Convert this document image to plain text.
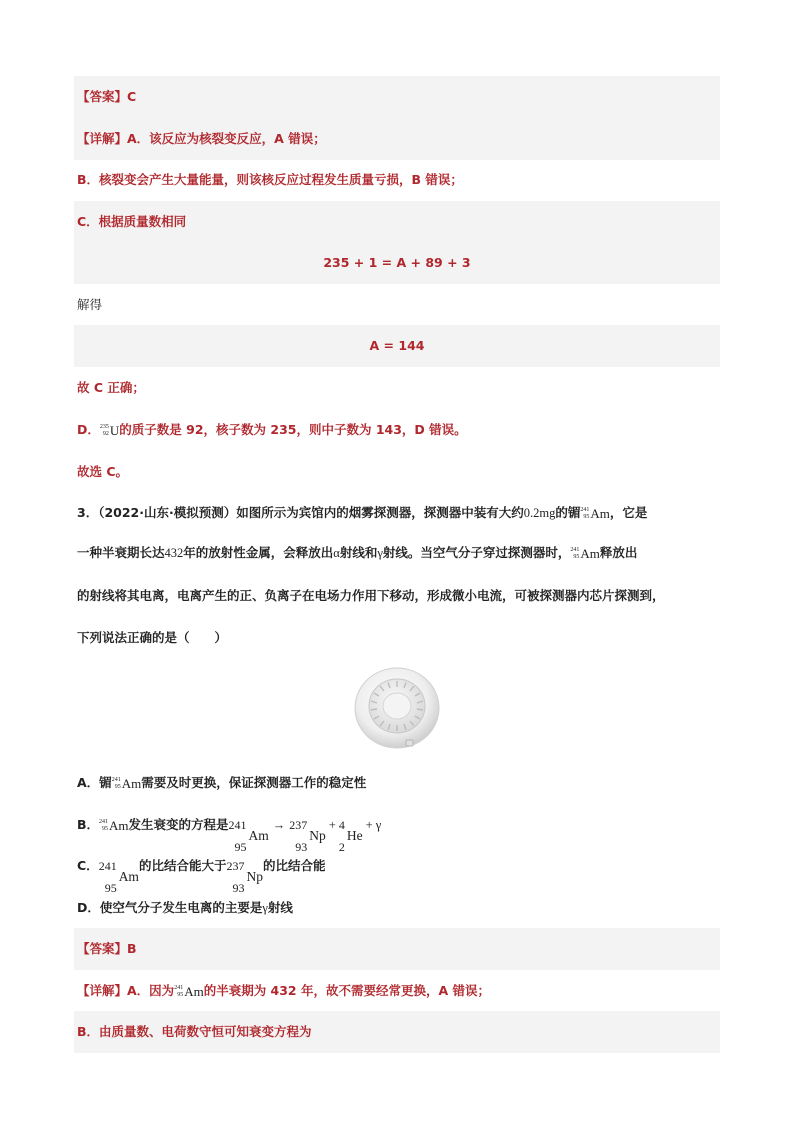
【答案】C
【详解】A．该反应为核裂变反应，A 错误；
B．核裂变会产生大量能量，则该核反应过程发生质量亏损，B 错误；
C．根据质量数相同
235 + 1 = A + 89 + 3
解得
A = 144
故 C 正确；
D． 235
92 U的质子数是 92，核子数为 235，则中子数为 143，D 错误。
故选 C。
3．（2022·山东·模拟预测）如图所示为宾馆内的烟雾探测器，探测器中装有大约0.2mg的镅 241
95 Am，它是
一种半衰期长达432年的放射性金属，会释放出α射线和γ射线。当空气分子穿过探测器时， 241
95 Am释放出
的射线将其电离，电离产生的正、负离子在电场力作用下移动，形成微小电流，可被探测器内芯片探测到，
下列说法正确的是（　　）
A．镅 241
95 Am需要及时更换，保证探测器工作的稳定性
B． 241
95 Am发生衰变的方程是 241
95
Am
→ 237
93
Np
+ 4
2
He
+ γ
C． 241
95
Am
的比结合能大于 237
93
Np
的比结合能
D．使空气分子发生电离的主要是γ射线
【答案】B
【详解】A．因为 241
95 Am的半衰期为 432 年，故不需要经常更换，A 错误；
B．由质量数、电荷数守恒可知衰变方程为
